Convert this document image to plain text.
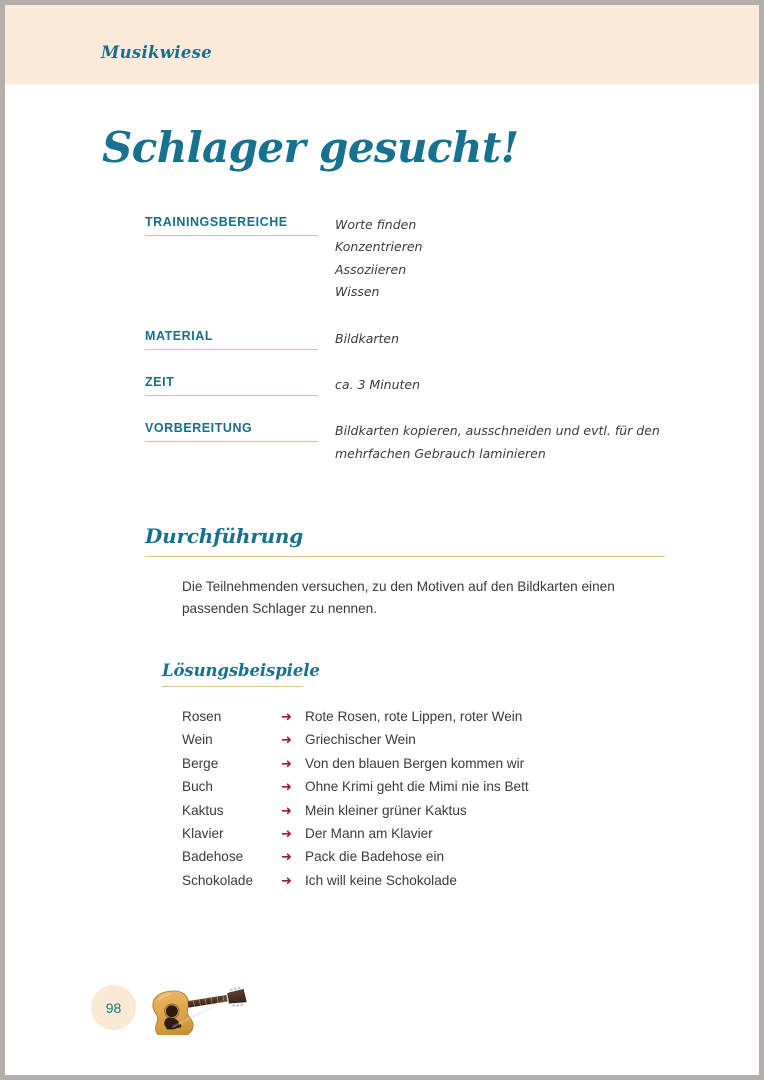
Musikwiese
Schlager gesucht!
TRAININGSBEREICHE	Worte finden
Konzentrieren
Assoziieren
Wissen
MATERIAL	Bildkarten
ZEIT	ca. 3 Minuten
VORBEREITUNG	Bildkarten kopieren, ausschneiden und evtl. für den mehrfachen Gebrauch laminieren
Durchführung
Die Teilnehmenden versuchen, zu den Motiven auf den Bildkarten einen passenden Schlager zu nennen.
Lösungsbeispiele
Rosen	➜ Rote Rosen, rote Lippen, roter Wein
Wein	➜ Griechischer Wein
Berge	➜ Von den blauen Bergen kommen wir
Buch	➜ Ohne Krimi geht die Mimi nie ins Bett
Kaktus	➜ Mein kleiner grüner Kaktus
Klavier	➜ Der Mann am Klavier
Badehose	➜ Pack die Badehose ein
Schokolade	➜ Ich will keine Schokolade
98
